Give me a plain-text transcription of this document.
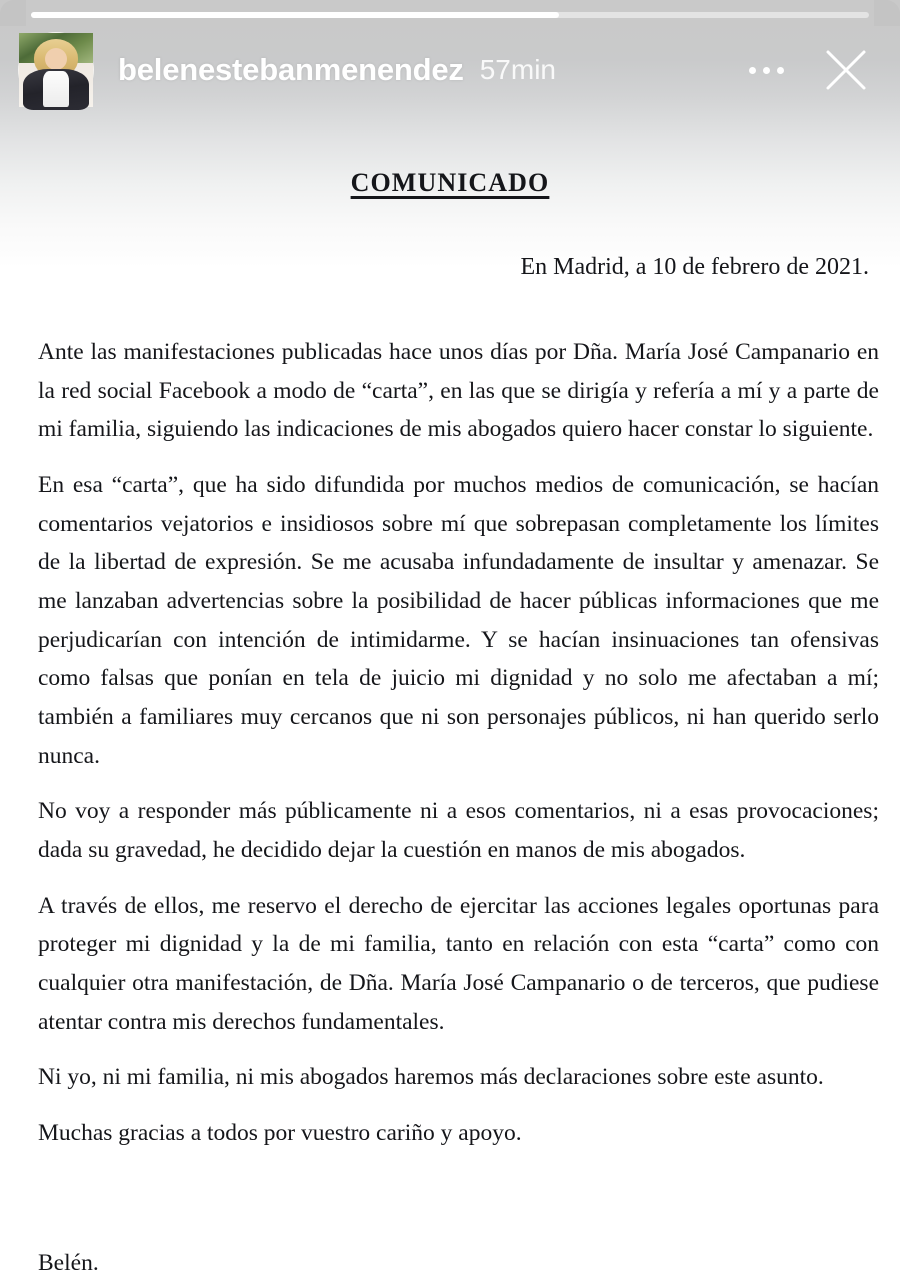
COMUNICADO
En Madrid, a 10 de febrero de 2021.

Ante las manifestaciones publicadas hace unos días por Dña. María José Campanario en la red social Facebook a modo de “carta”, en las que se dirigía y refería a mí y a parte de mi familia, siguiendo las indicaciones de mis abogados quiero hacer constar lo siguiente.

En esa “carta”, que ha sido difundida por muchos medios de comunicación, se hacían comentarios vejatorios e insidiosos sobre mí que sobrepasan completamente los límites de la libertad de expresión. Se me acusaba infundadamente de insultar y amenazar. Se me lanzaban advertencias sobre la posibilidad de hacer públicas informaciones que me perjudicarían con intención de intimidarme. Y se hacían insinuaciones tan ofensivas como falsas que ponían en tela de juicio mi dignidad y no solo me afectaban a mí; también a familiares muy cercanos que ni son personajes públicos, ni han querido serlo nunca.

No voy a responder más públicamente ni a esos comentarios, ni a esas provocaciones; dada su gravedad, he decidido dejar la cuestión en manos de mis abogados.

A través de ellos, me reservo el derecho de ejercitar las acciones legales oportunas para proteger mi dignidad y la de mi familia, tanto en relación con esta “carta” como con cualquier otra manifestación, de Dña. María José Campanario o de terceros, que pudiese atentar contra mis derechos fundamentales.

Ni yo, ni mi familia, ni mis abogados haremos más declaraciones sobre este asunto.

Muchas gracias a todos por vuestro cariño y apoyo.

Belén.
belenestebanmenendez 57min
